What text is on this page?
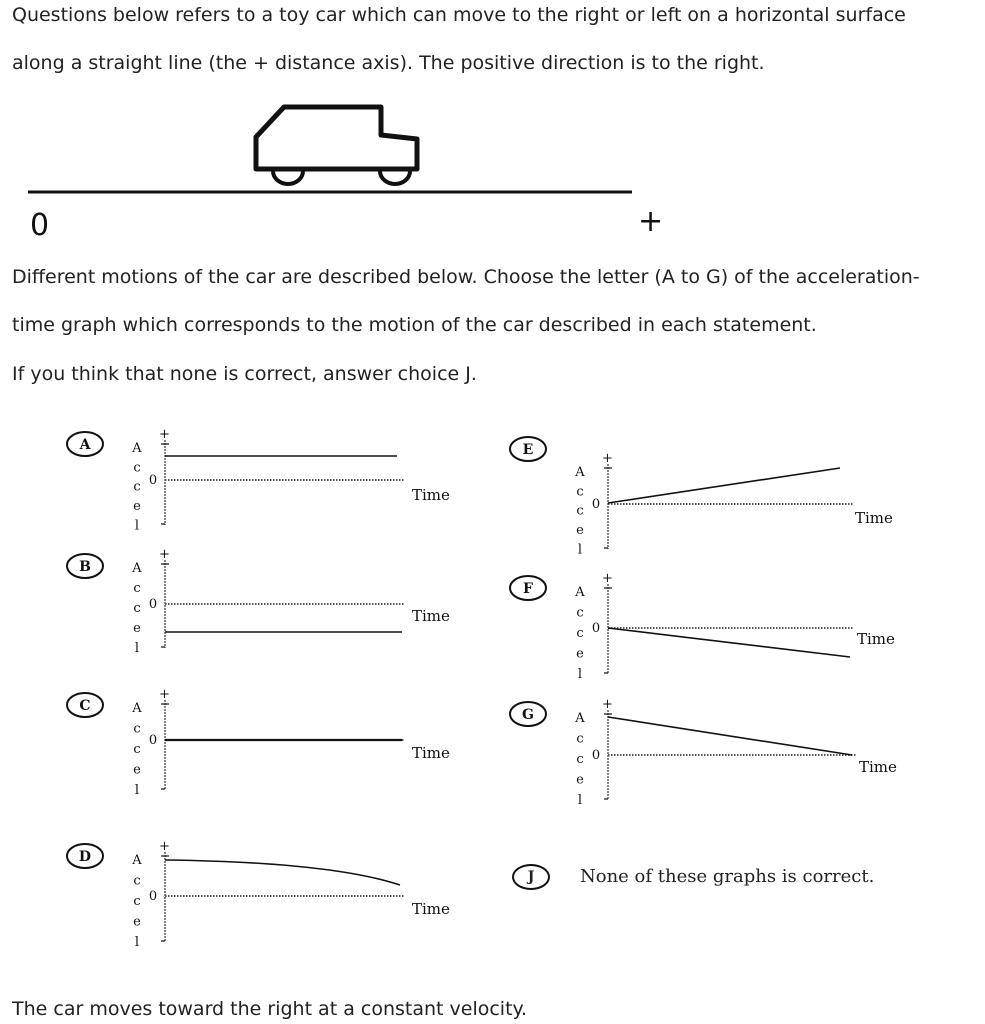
Questions below refers to a toy car which can move to the right or left on a horizontal surface
along a straight line (the + distance axis). The positive direction is to the right.
0	+
Different motions of the car are described below. Choose the letter (A to G) of the acceleration-
time graph which corresponds to the motion of the car described in each statement.
If you think that none is correct, answer choice J.
A	A
c
c
e
l
+
0
Time
B	A
c
c
e
l
+
0
Time
C	A
c
c
e
l
+
0
Time
D	A
c
c
e
l
+
0
Time
E
A
c
c
e
l
+
0
Time
F	A
c
c
e
l
+
0
Time
G	A
c
c
e
l
+
0
Time
J	None of these graphs is correct.
The car moves toward the right at a constant velocity.
